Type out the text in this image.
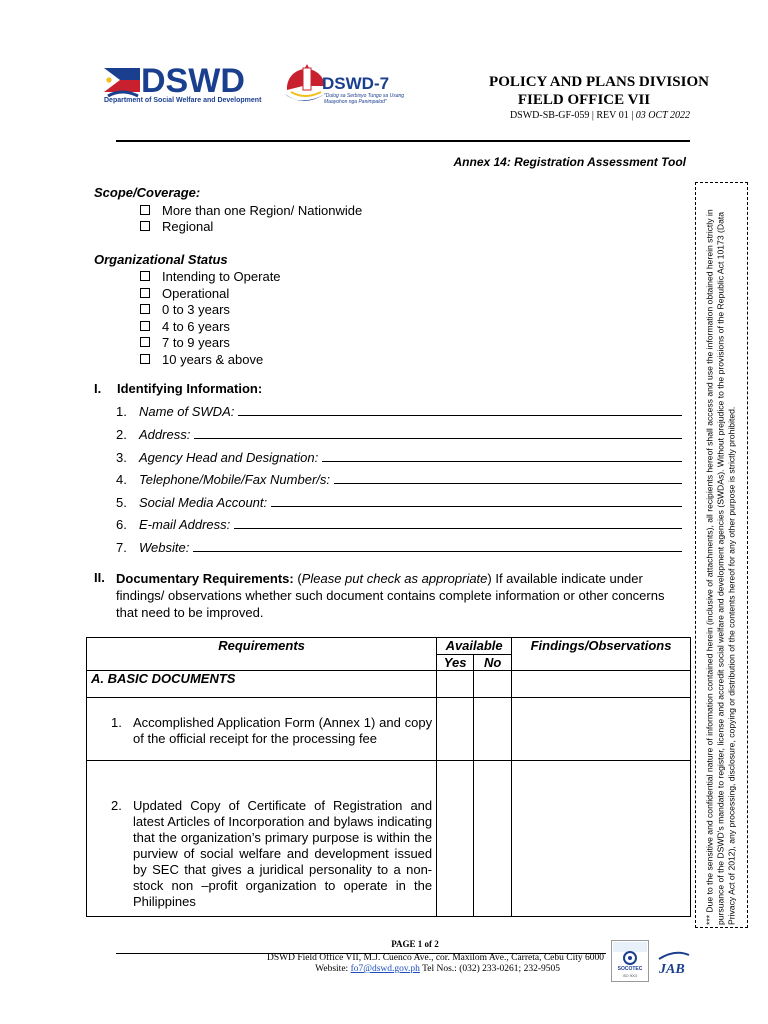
DSWD
Department of Social Welfare and Development
DSWD-7
"Dulog sa Serbisyo Tungo sa Usang Maayohon nga Panimpalod"
POLICY AND PLANS DIVISION
FIELD OFFICE VII
DSWD-SB-GF-059 | REV 01 | 03 OCT 2022
Annex 14: Registration Assessment Tool
Scope/Coverage:
More than one Region/ Nationwide
Regional
Organizational Status
Intending to Operate
Operational
0 to 3 years
4 to 6 years
7 to 9 years
10 years & above
I. Identifying Information:
1. Name of SWDA:
2. Address:
3. Agency Head and Designation:
4. Telephone/Mobile/Fax Number/s:
5. Social Media Account:
6. E-mail Address:
7. Website:
II. Documentary Requirements: (Please put check as appropriate) If available indicate under findings/ observations whether such document contains complete information or other concerns that need to be improved.
Requirements	Available		Findings/Observations
	Yes	No	
A. BASIC DOCUMENTS			

1. Accomplished Application Form (Annex 1) and copy of the official receipt for the processing fee			

2. Updated Copy of Certificate of Registration and latest Articles of Incorporation and bylaws indicating that the organization’s primary purpose is within the purview of social welfare and development issued by SEC that gives a juridical personality to a non-stock non –profit organization to operate in the Philippines			
				*** Due to the sensitive and confidential nature of information contained herein (inclusive of attachments), all recipients hereof shall access and use the information obtained herein strictly in pursuance of the DSWD’s mandate to register, license and accredit social welfare and development agencies (SWDAs). Without prejudice to the provisions of the Republic Act 10173 (Data Privacy Act of 2012), any processing, disclosure, copying or distribution of the contents hereof for any other purpose is strictly prohibited.
PAGE 1 of 2
DSWD Field Office VII, M.J. Cuenco Ave., cor. Maxilom Ave., Carreta, Cebu City 6000
Website: fo7@dswd.gov.ph Tel Nos.: (032) 233-0261; 232-9505	SOCOTEC
ISO 9001 JAB
